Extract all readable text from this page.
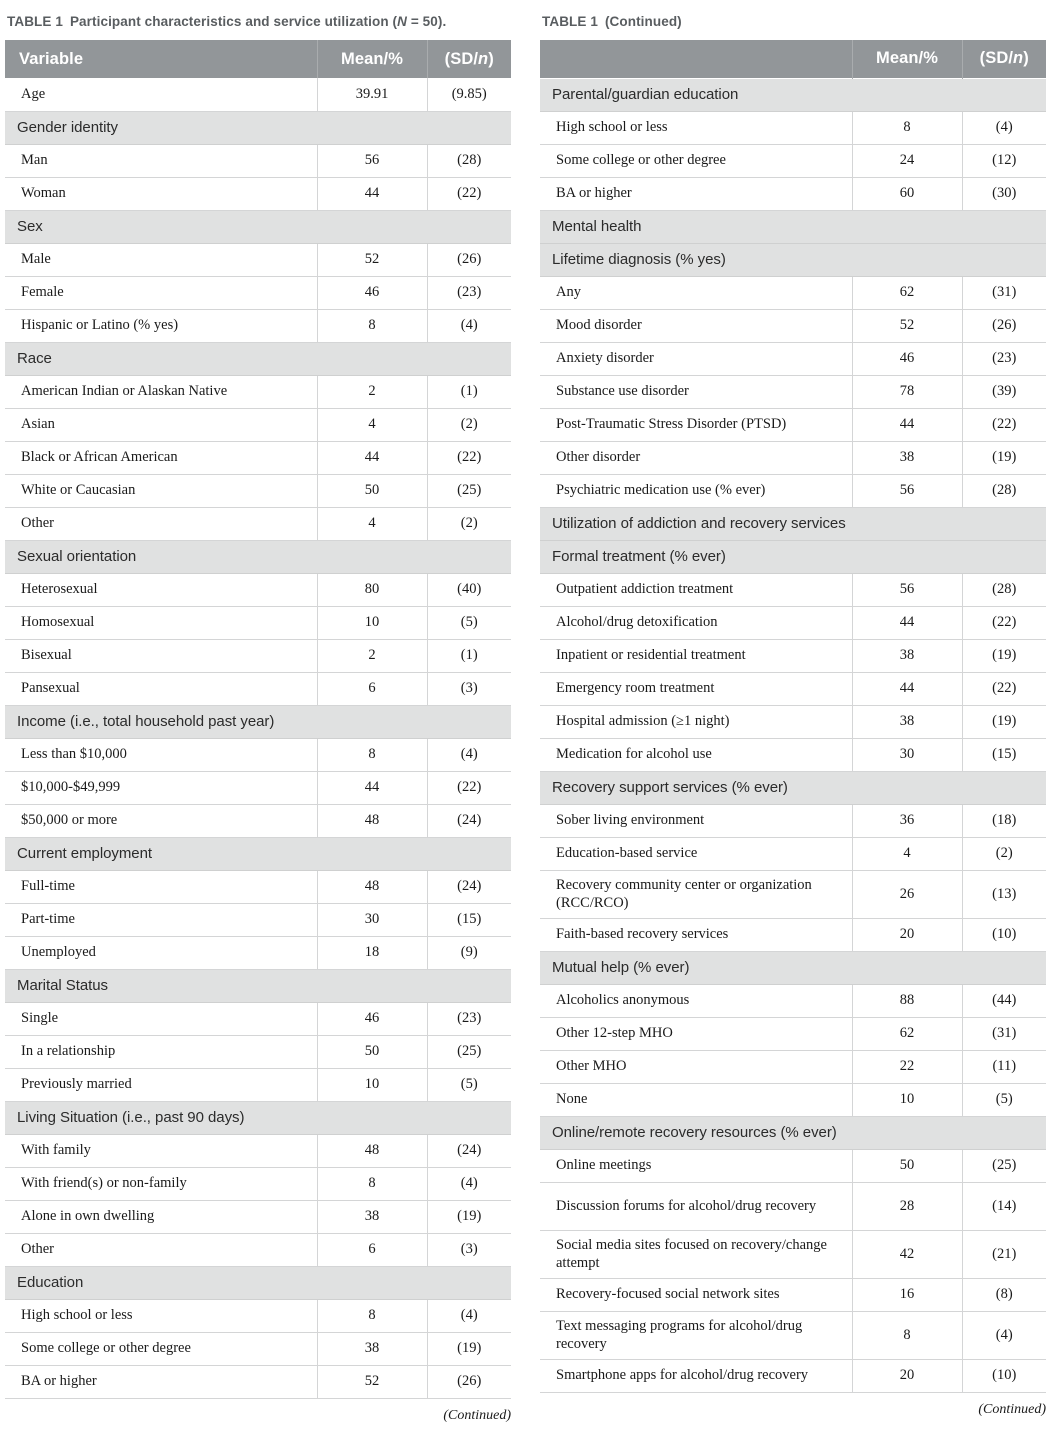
TABLE 1 Participant characteristics and service utilization (N = 50).
Variable	Mean/%	(SD/n)
Age	39.91	(9.85)
Gender identity		
Man	56	(28)
Woman	44	(22)
Sex		
Male	52	(26)
Female	46	(23)
Hispanic or Latino (% yes)	8	(4)
Race		
American Indian or Alaskan Native	2	(1)
Asian	4	(2)
Black or African American	44	(22)
White or Caucasian	50	(25)
Other	4	(2)
Sexual orientation		
Heterosexual	80	(40)
Homosexual	10	(5)
Bisexual	2	(1)
Pansexual	6	(3)
Income (i.e., total household past year)		
Less than $10,000	8	(4)
$10,000-$49,999	44	(22)
$50,000 or more	48	(24)
Current employment		
Full-time	48	(24)
Part-time	30	(15)
Unemployed	18	(9)
Marital Status		
Single	46	(23)
In a relationship	50	(25)
Previously married	10	(5)
Living Situation (i.e., past 90 days)		
With family	48	(24)
With friend(s) or non-family	8	(4)
Alone in own dwelling	38	(19)
Other	6	(3)
Education		
High school or less	8	(4)
Some college or other degree	38	(19)
BA or higher	52	(26)
(Continued)
TABLE 1 (Continued)
	Mean/%	(SD/n)
Parental/guardian education		
High school or less	8	(4)
Some college or other degree	24	(12)
BA or higher	60	(30)
Mental health		
Lifetime diagnosis (% yes)		
Any	62	(31)
Mood disorder	52	(26)
Anxiety disorder	46	(23)
Substance use disorder	78	(39)
Post-Traumatic Stress Disorder (PTSD)	44	(22)
Other disorder	38	(19)
Psychiatric medication use (% ever)	56	(28)
Utilization of addiction and recovery services		
Formal treatment (% ever)		
Outpatient addiction treatment	56	(28)
Alcohol/drug detoxification	44	(22)
Inpatient or residential treatment	38	(19)
Emergency room treatment	44	(22)
Hospital admission (≥1 night)	38	(19)
Medication for alcohol use	30	(15)
Recovery support services (% ever)		
Sober living environment	36	(18)
Education-based service	4	(2)
Recovery community center or organization (RCC/RCO)	26	(13)
Faith-based recovery services	20	(10)
Mutual help (% ever)		
Alcoholics anonymous	88	(44)
Other 12-step MHO	62	(31)
Other MHO	22	(11)
None	10	(5)
Online/remote recovery resources (% ever)		
Online meetings	50	(25)
Discussion forums for alcohol/drug recovery	28	(14)
Social media sites focused on recovery/change attempt	42	(21)
Recovery-focused social network sites	16	(8)
Text messaging programs for alcohol/drug recovery	8	(4)
Smartphone apps for alcohol/drug recovery	20	(10)
(Continued)
